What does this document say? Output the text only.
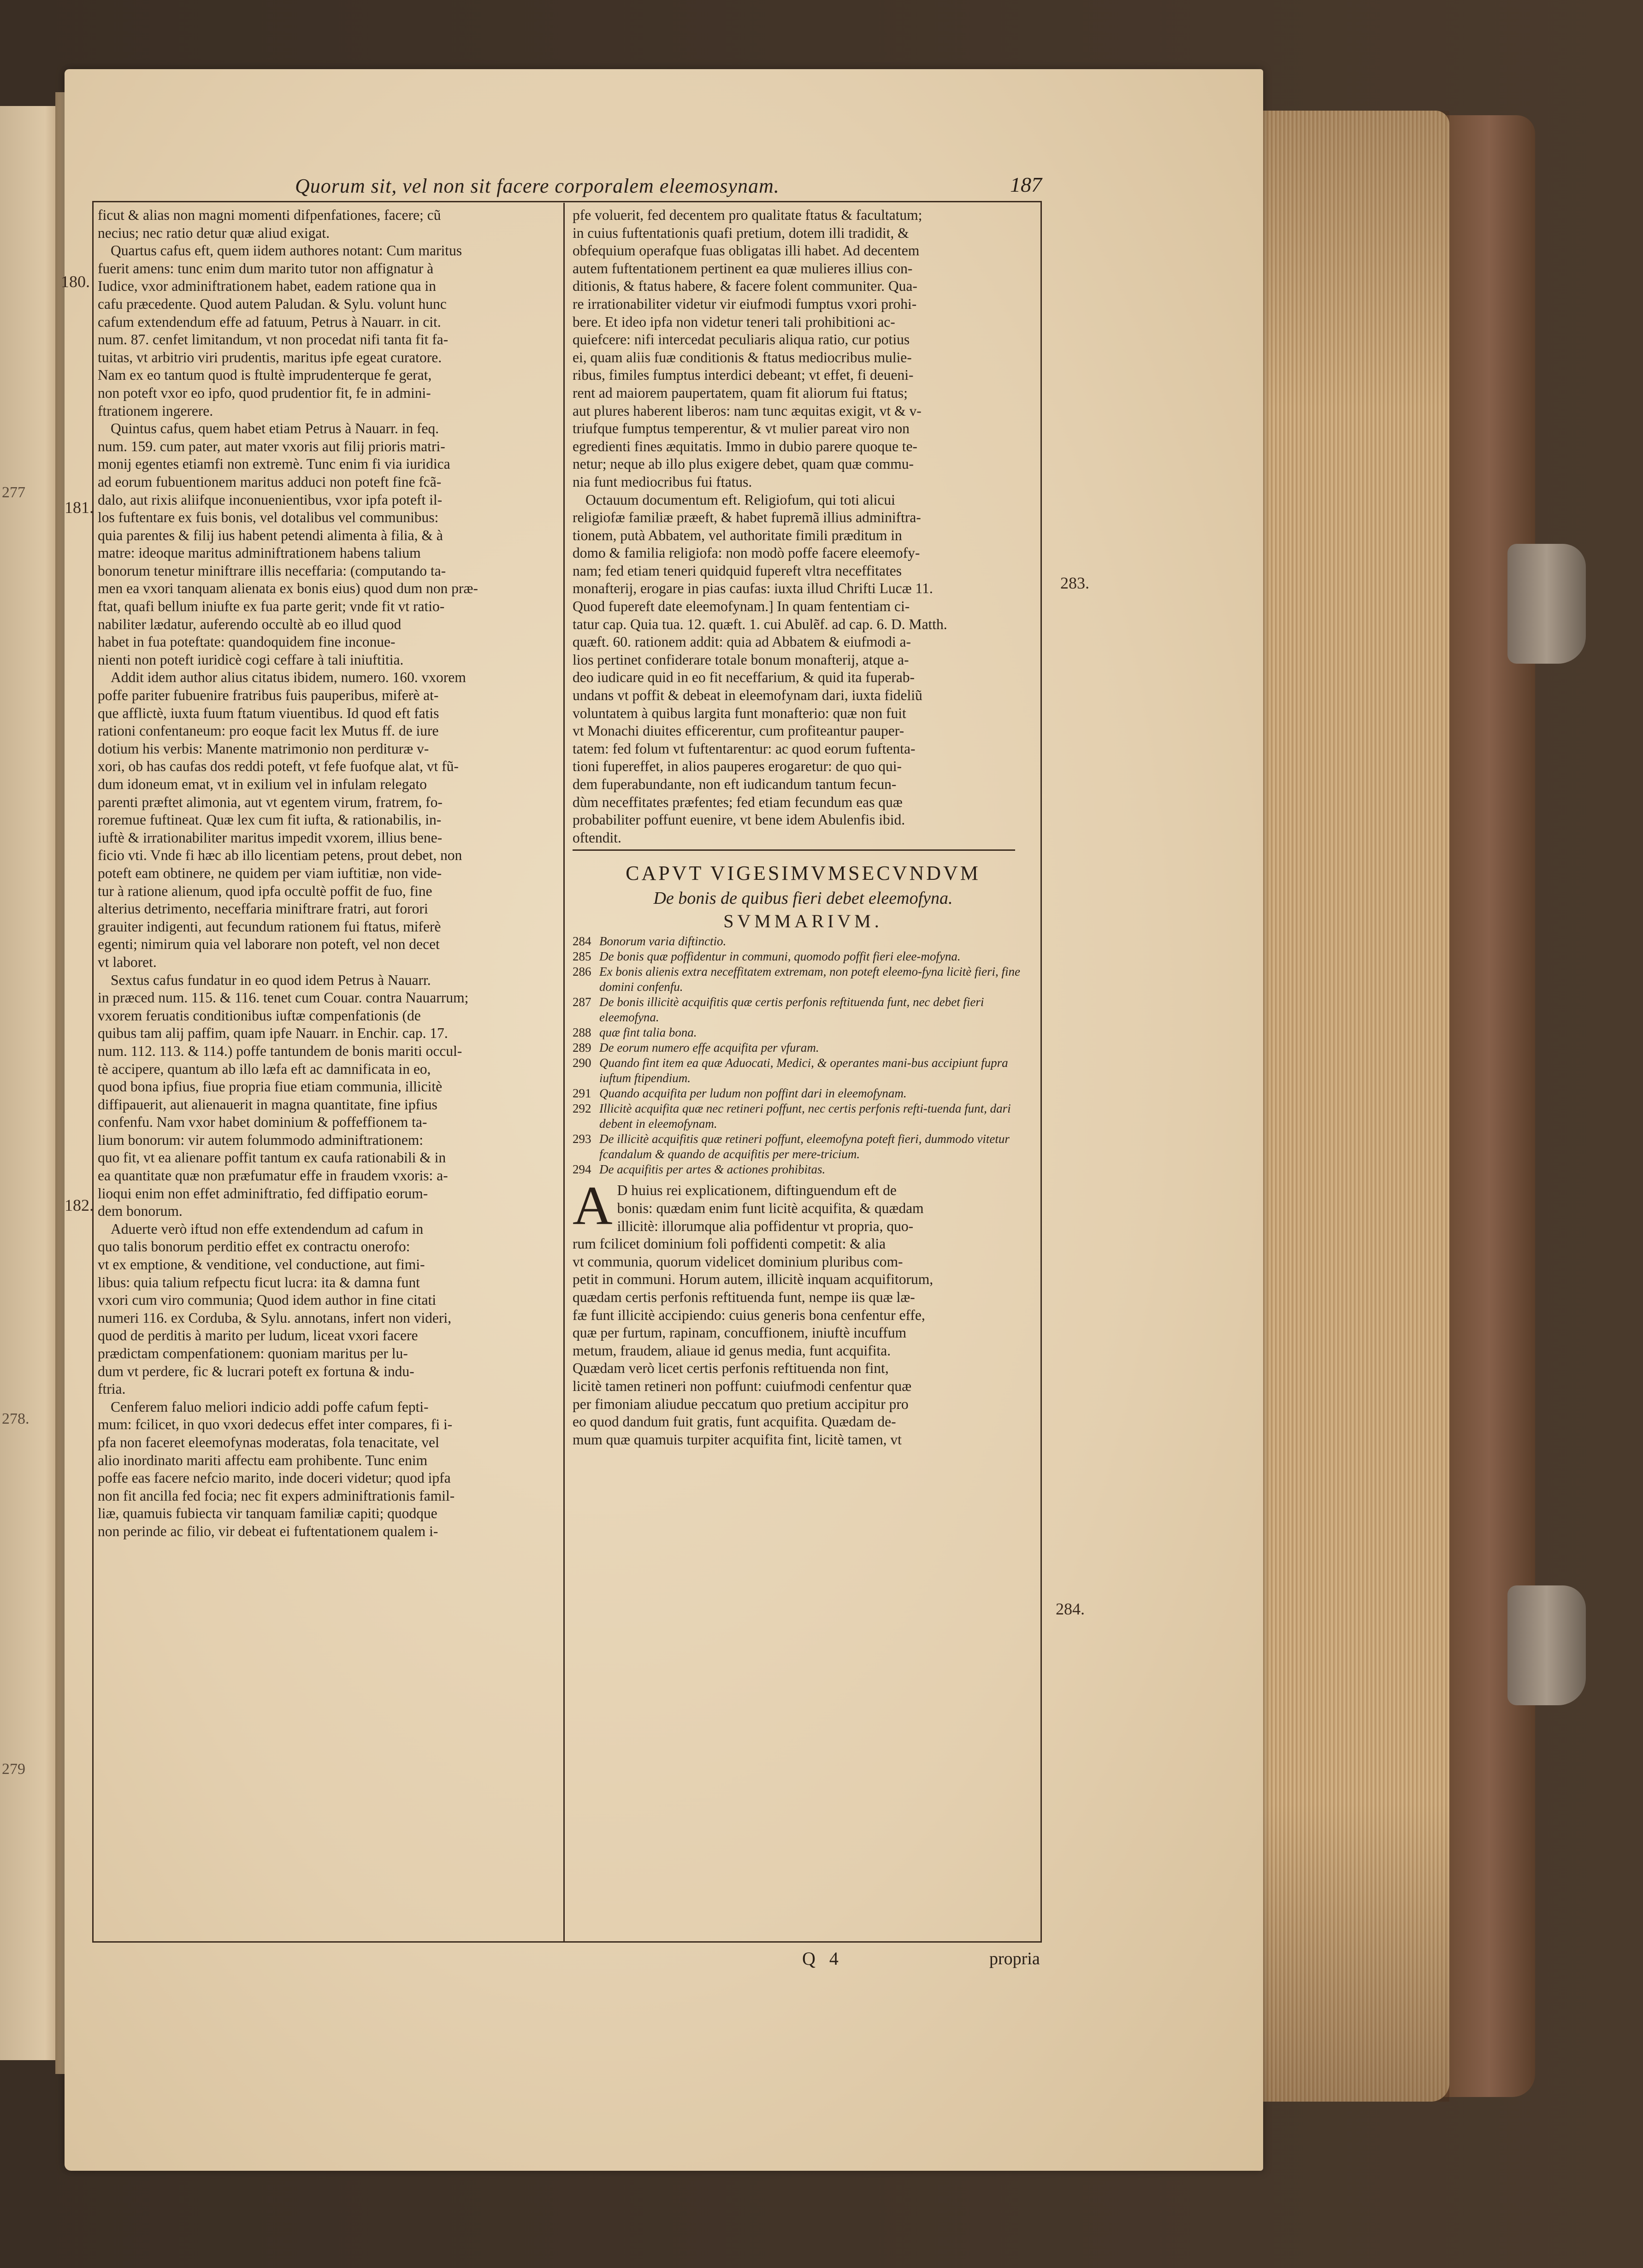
277
278.
279
Quorum sit, vel non sit facere corporalem eleemosynam.	187
180.
181.
182.
283.
284.
ficut & alias non magni momenti difpenfationes, facere; cũ
necius; nec ratio detur quæ aliud exigat.
Quartus cafus eft, quem iidem authores notant: Cum maritus
fuerit amens: tunc enim dum marito tutor non affignatur à
Iudice, vxor adminiftrationem habet, eadem ratione qua in
cafu præcedente. Quod autem Paludan. & Sylu. volunt hunc
cafum extendendum effe ad fatuum, Petrus à Nauarr. in cit.
num. 87. cenfet limitandum, vt non procedat nifi tanta fit fa-
tuitas, vt arbitrio viri prudentis, maritus ipfe egeat curatore.
Nam ex eo tantum quod is ftultè imprudenterque fe gerat,
non poteft vxor eo ipfo, quod prudentior fit, fe in admini-
ftrationem ingerere.
Quintus cafus, quem habet etiam Petrus à Nauarr. in feq.
num. 159. cum pater, aut mater vxoris aut filij prioris matri-
monij egentes etiamfi non extremè. Tunc enim fi via iuridica
ad eorum fubuentionem maritus adduci non poteft fine fcã-
dalo, aut rixis aliifque inconuenientibus, vxor ipfa poteft il-
los fuftentare ex fuis bonis, vel dotalibus vel communibus:
quia parentes & filij ius habent petendi alimenta à filia, & à
matre: ideoque maritus adminiftrationem habens talium
bonorum tenetur miniftrare illis neceffaria: (computando ta-
men ea vxori tanquam alienata ex bonis eius) quod dum non præ-
ftat, quafi bellum iniufte ex fua parte gerit; vnde fit vt ratio-
nabiliter lædatur, auferendo occultè ab eo illud quod
habet in fua poteftate: quandoquidem fine inconue-
nienti non poteft iuridicè cogi ceffare à tali iniuftitia.
Addit idem author alius citatus ibidem, numero. 160. vxorem
poffe pariter fubuenire fratribus fuis pauperibus, miferè at-
que afflictè, iuxta fuum ftatum viuentibus. Id quod eft fatis
rationi confentaneum: pro eoque facit lex Mutus ff. de iure
dotium his verbis: Manente matrimonio non perdituræ v-
xori, ob has caufas dos reddi poteft, vt fefe fuofque alat, vt fũ-
dum idoneum emat, vt in exilium vel in infulam relegato
parenti præftet alimonia, aut vt egentem virum, fratrem, fo-
roremue fuftineat. Quæ lex cum fit iufta, & rationabilis, in-
iuftè & irrationabiliter maritus impedit vxorem, illius bene-
ficio vti. Vnde fi hæc ab illo licentiam petens, prout debet, non
poteft eam obtinere, ne quidem per viam iuftitiæ, non vide-
tur à ratione alienum, quod ipfa occultè poffit de fuo, fine
alterius detrimento, neceffaria miniftrare fratri, aut forori
grauiter indigenti, aut fecundum rationem fui ftatus, miferè
egenti; nimirum quia vel laborare non poteft, vel non decet
vt laboret.
Sextus cafus fundatur in eo quod idem Petrus à Nauarr.
in præced num. 115. & 116. tenet cum Couar. contra Nauarrum;
vxorem feruatis conditionibus iuftæ compenfationis (de
quibus tam alij paffim, quam ipfe Nauarr. in Enchir. cap. 17.
num. 112. 113. & 114.) poffe tantundem de bonis mariti occul-
tè accipere, quantum ab illo læfa eft ac damnificata in eo,
quod bona ipfius, fiue propria fiue etiam communia, illicitè
diffipauerit, aut alienauerit in magna quantitate, fine ipfius
confenfu. Nam vxor habet dominium & poffeffionem ta-
lium bonorum: vir autem folummodo adminiftrationem:
quo fit, vt ea alienare poffit tantum ex caufa rationabili & in
ea quantitate quæ non præfumatur effe in fraudem vxoris: a-
lioqui enim non effet adminiftratio, fed diffipatio eorum-
dem bonorum.
Aduerte verò iftud non effe extendendum ad cafum in
quo talis bonorum perditio effet ex contractu onerofo:
vt ex emptione, & venditione, vel conductione, aut fimi-
libus: quia talium refpectu ficut lucra: ita & damna funt
vxori cum viro communia; Quod idem author in fine citati
numeri 116. ex Corduba, & Sylu. annotans, infert non videri,
quod de perditis à marito per ludum, liceat vxori facere
prædictam compenfationem: quoniam maritus per lu-
dum vt perdere, fic & lucrari poteft ex fortuna & indu-
ftria.
Cenferem faluo meliori indicio addi poffe cafum fepti-
mum: fcilicet, in quo vxori dedecus effet inter compares, fi i-
pfa non faceret eleemofynas moderatas, fola tenacitate, vel
alio inordinato mariti affectu eam prohibente. Tunc enim
poffe eas facere nefcio marito, inde doceri videtur; quod ipfa
non fit ancilla fed focia; nec fit expers adminiftrationis famil-
liæ, quamuis fubiecta vir tanquam familiæ capiti; quodque
non perinde ac filio, vir debeat ei fuftentationem qualem i-
pfe voluerit, fed decentem pro qualitate ftatus & facultatum;
in cuius fuftentationis quafi pretium, dotem illi tradidit, &
obfequium operafque fuas obligatas illi habet. Ad decentem
autem fuftentationem pertinent ea quæ mulieres illius con-
ditionis, & ftatus habere, & facere folent communiter. Qua-
re irrationabiliter videtur vir eiufmodi fumptus vxori prohi-
bere. Et ideo ipfa non videtur teneri tali prohibitioni ac-
quiefcere: nifi intercedat peculiaris aliqua ratio, cur potius
ei, quam aliis fuæ conditionis & ftatus mediocribus mulie-
ribus, fimiles fumptus interdici debeant; vt effet, fi deueni-
rent ad maiorem paupertatem, quam fit aliorum fui ftatus;
aut plures haberent liberos: nam tunc æquitas exigit, vt & v-
triufque fumptus temperentur, & vt mulier pareat viro non
egredienti fines æquitatis. Immo in dubio parere quoque te-
netur; neque ab illo plus exigere debet, quam quæ commu-
nia funt mediocribus fui ftatus.
Octauum documentum eft. Religiofum, qui toti alicui
religiofæ familiæ præeft, & habet fupremã illius adminiftra-
tionem, putà Abbatem, vel authoritate fimili præditum in
domo & familia religiofa: non modò poffe facere eleemofy-
nam; fed etiam teneri quidquid fupereft vltra neceffitates
monafterij, erogare in pias caufas: iuxta illud Chrifti Lucæ 11.
Quod fupereft date eleemofynam.] In quam fententiam ci-
tatur cap. Quia tua. 12. quæft. 1. cui Abulẽf. ad cap. 6. D. Matth.
quæft. 60. rationem addit: quia ad Abbatem & eiufmodi a-
lios pertinet confiderare totale bonum monafterij, atque a-
deo iudicare quid in eo fit neceffarium, & quid ita fuperab-
undans vt poffit & debeat in eleemofynam dari, iuxta fideliũ
voluntatem à quibus largita funt monafterio: quæ non fuit
vt Monachi diuites efficerentur, cum profiteantur pauper-
tatem: fed folum vt fuftentarentur: ac quod eorum fuftenta-
tioni fupereffet, in alios pauperes erogaretur: de quo qui-
dem fuperabundante, non eft iudicandum tantum fecun-
dùm neceffitates præfentes; fed etiam fecundum eas quæ
probabiliter poffunt euenire, vt bene idem Abulenfis ibid.
oftendit.
CAPVT VIGESIMVMSECVNDVM
De bonis de quibus fieri debet eleemofyna.
SVMMARIVM.
284 Bonorum varia diftinctio.
285 De bonis quæ poffidentur in communi, quomodo poffit fieri elee-mofyna.
286 Ex bonis alienis extra neceffitatem extremam, non poteft eleemo-fyna licitè fieri, fine domini confenfu.
287 De bonis illicitè acquifitis quæ certis perfonis reftituenda funt, nec debet fieri eleemofyna.
288 quæ fint talia bona.
289 De eorum numero effe acquifita per vfuram.
290 Quando fint item ea quæ Aduocati, Medici, & operantes mani-bus accipiunt fupra iuftum ftipendium.
291 Quando acquifita per ludum non poffint dari in eleemofynam.
292 Illicitè acquifita quæ nec retineri poffunt, nec certis perfonis refti-tuenda funt, dari debent in eleemofynam.
293 De illicitè acquifitis quæ retineri poffunt, eleemofyna poteft fieri, dummodo vitetur fcandalum & quando de acquifitis per mere-tricium.
294 De acquifitis per artes & actiones prohibitas.
A D huius rei explicationem, diftinguendum eft de
bonis: quædam enim funt licitè acquifita, & quædam
illicitè: illorumque alia poffidentur vt propria, quo-
rum fcilicet dominium foli poffidenti competit: & alia
vt communia, quorum videlicet dominium pluribus com-
petit in communi. Horum autem, illicitè inquam acquifitorum,
quædam certis perfonis reftituenda funt, nempe iis quæ læ-
fæ funt illicitè accipiendo: cuius generis bona cenfentur effe,
quæ per furtum, rapinam, concuffionem, iniuftè incuffum
metum, fraudem, aliaue id genus media, funt acquifita.
Quædam verò licet certis perfonis reftituenda non fint,
licitè tamen retineri non poffunt: cuiufmodi cenfentur quæ
per fimoniam aliudue peccatum quo pretium accipitur pro
eo quod dandum fuit gratis, funt acquifita. Quædam de-
mum quæ quamuis turpiter acquifita fint, licitè tamen, vt
Q 4	propria
